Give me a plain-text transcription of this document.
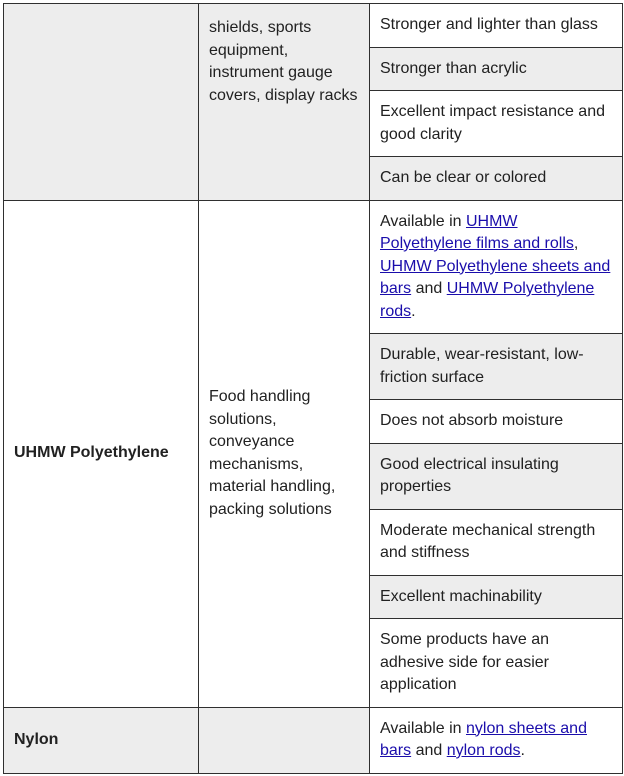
	shields, sports equipment, instrument gauge covers, display racks	Stronger and lighter than glass
		Stronger than acrylic
		Excellent impact resistance and good clarity
		Can be clear or colored
UHMW Polyethylene	Food handling solutions, conveyance mechanisms, material handling, packing solutions	Available in UHMW Polyethylene films and rolls, UHMW Polyethylene sheets and bars and UHMW Polyethylene rods.
		Durable, wear-resistant, low-friction surface
		Does not absorb moisture
		Good electrical insulating properties
		Moderate mechanical strength and stiffness
		Excellent machinability
		Some products have an adhesive side for easier application
Nylon		Available in nylon sheets and bars and nylon rods.
